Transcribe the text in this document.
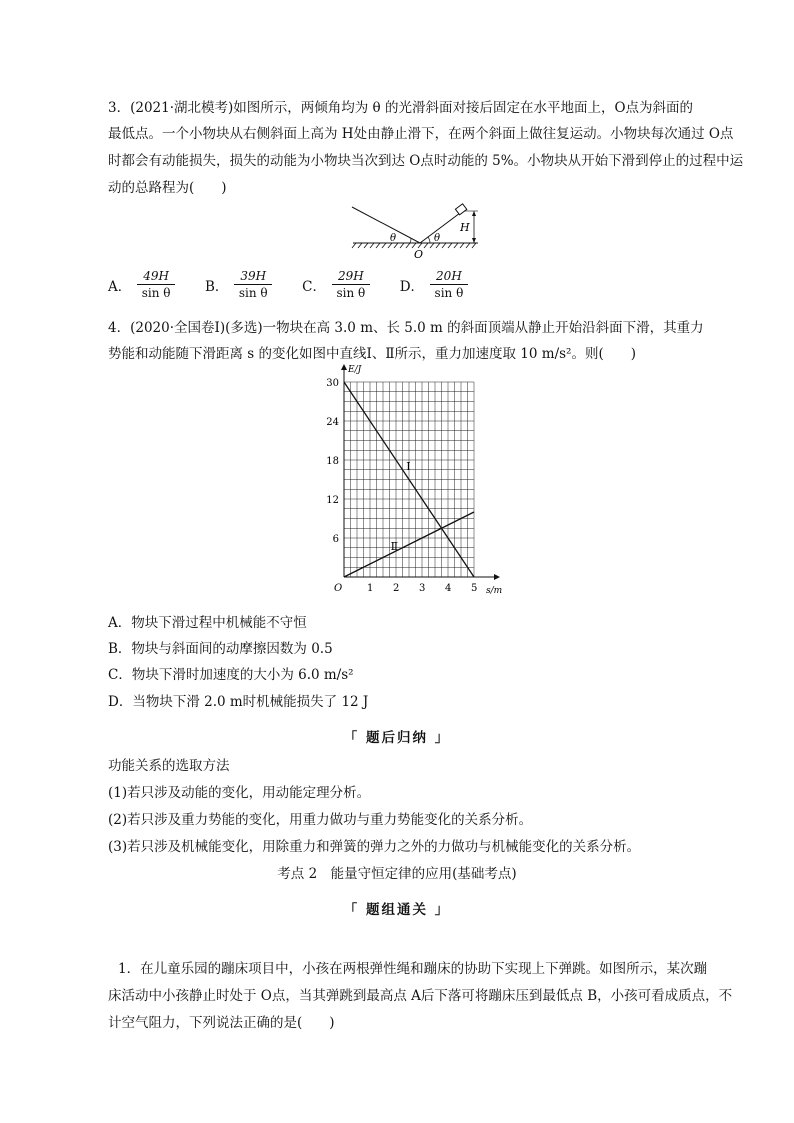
3．(2021·湖北模考)如图所示，两倾角均为 θ 的光滑斜面对接后固定在水平地面上，O点为斜面的
最低点。一个小物块从右侧斜面上高为 H处由静止滑下，在两个斜面上做往复运动。小物块每次通过 O点
时都会有动能损失，损失的动能为小物块当次到达 O点时动能的 5%。小物块从开始下滑到停止的过程中运
动的总路程为(　　)
θ	θ
O
H
A． $\frac{49H}{\text{sin θ}}$ B． $\frac{39H}{\text{sin θ}}$ C． $\frac{29H}{\text{sin θ}}$ D． $\frac{20H}{\text{sin θ}}$
4．(2020·全国卷Ⅰ)(多选)一物块在高 3.0 m、长 5.0 m 的斜面顶端从静止开始沿斜面下滑，其重力
势能和动能随下滑距离 s 的变化如图中直线Ⅰ、Ⅱ所示，重力加速度取 10 m/s²。则(　　)
1 2 3 4 5
6
12
18
24
30
O	s/m
E/J
Ⅰ
Ⅱ
A．物块下滑过程中机械能不守恒
B．物块与斜面间的动摩擦因数为 0.5
C．物块下滑时加速度的大小为 6.0 m/s²
D．当物块下滑 2.0 m时机械能损失了 12 J
「 题后归纳 」
功能关系的选取方法
(1)若只涉及动能的变化，用动能定理分析。
(2)若只涉及重力势能的变化，用重力做功与重力势能变化的关系分析。
(3)若只涉及机械能变化，用除重力和弹簧的弹力之外的力做功与机械能变化的关系分析。
考点 2　能量守恒定律的应用(基础考点)
「 题组通关 」
1．在儿童乐园的蹦床项目中，小孩在两根弹性绳和蹦床的协助下实现上下弹跳。如图所示，某次蹦
床活动中小孩静止时处于 O点，当其弹跳到最高点 A后下落可将蹦床压到最低点 B，小孩可看成质点，不
计空气阻力，下列说法正确的是(　　)
